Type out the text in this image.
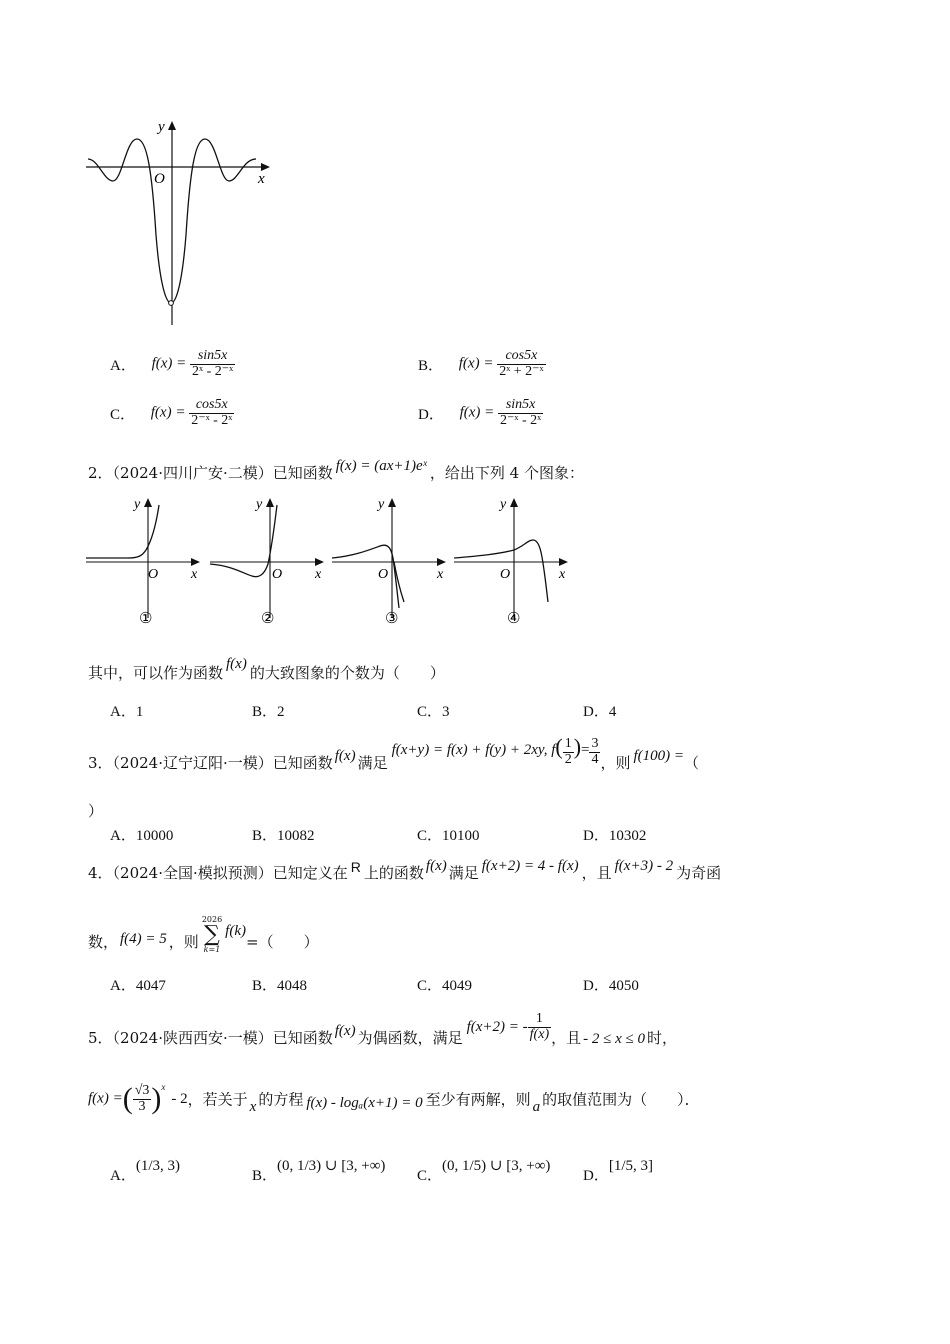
y
O	x
A． $f(x) = \frac{\sin 5x}{\text{2ˣ - 2⁻ˣ}}$	B． $f(x) = \frac{\cos 5x}{\text{2ˣ + 2⁻ˣ}}$
C． $f(x) = \frac{\cos 5x}{\text{2⁻ˣ - 2ˣ}}$	D． $f(x) = \frac{\sin 5x}{\text{2⁻ˣ - 2ˣ}}$
2．（2024·四川广安·二模）已知函数 f(x) = (ax+1)eˣ ，给出下列 4 个图象：
y
O x
①
y
O x
②
y
O	x
③
y
O	x
④
其中，可以作为函数 f(x) 的大致图象的个数为（　　）
A．1	B．2	C．3	D．4
3．（2024·辽宁辽阳·一模）已知函数 f(x) 满足f(x+y) = f(x) + f(y) + 2xy, $f( \frac{1}{2}$ )= $\frac{3}{4}$ ，则 f(100) =（
）
A．10000	B．10082	C．10100	D．10302
4．（2024·全国·模拟预测）已知定义在 R 上的函数 f(x) 满足 f(x+2) = 4 - f(x) ，且 f(x+3) - 2 为奇函
数， f(4) = 5 ，则
2026
∑
k=1
f(k)=（　　）
A．4047	B．4048	C．4049	D．4050
5．（2024·陕西西安·一模）已知函数 f(x) 为偶函数，满足f(x+2) = - $\frac{1}{f(x)}$ ，且 - 2 ≤ x ≤ 0 时，
f(x) =( $\frac{√3}{3} )^x-$ 2，若关于 x 的方程 f(x) - logₐ(x+1) = 0 至少有两解，则 a 的取值范围为（　　）．
A．(1/3, 3)
B．(0, 1/3) ∪ [3, +∞)
C．(0, 1/5) ∪ [3, +∞)
D．[1/5, 3]
